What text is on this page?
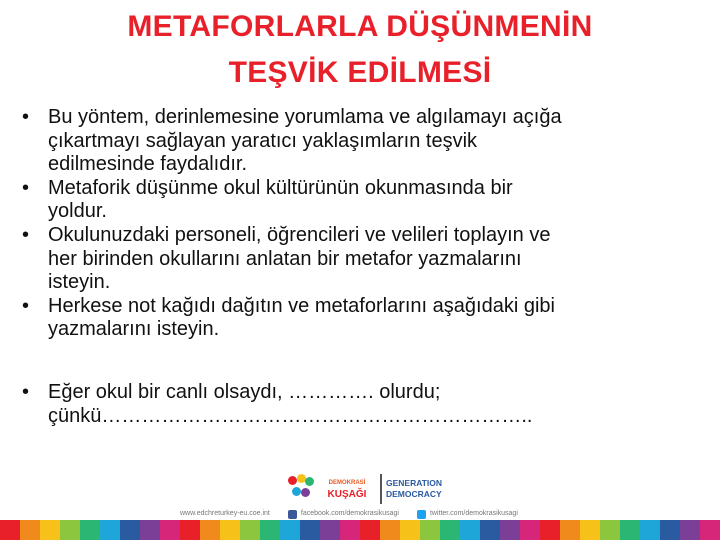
METAFORLARLA DÜŞÜNMENİN
TEŞVİK EDİLMESİ
• Bu yöntem, derinlemesine yorumlama ve algılamayı açığa
çıkartmayı sağlayan yaratıcı yaklaşımların teşvik
edilmesinde faydalıdır.
• Metaforik düşünme okul kültürünün okunmasında bir
yoldur.
• Okulunuzdaki personeli, öğrencileri ve velileri toplayın ve
her birinden okullarını anlatan bir metafor yazmalarını
isteyin.
• Herkese not kağıdı dağıtın ve metaforlarını aşağıdaki gibi
yazmalarını isteyin.
• Eğer okul bir canlı olsaydı, …………. olurdu;
çünkü………………………………………………………..
DEMOKRASİ
KUŞAĞI
GENERATION
DEMOCRACY
www.edchreturkey-eu.coe.int	facebook.com/demokrasikusagi	twitter.com/demokrasikusagi
